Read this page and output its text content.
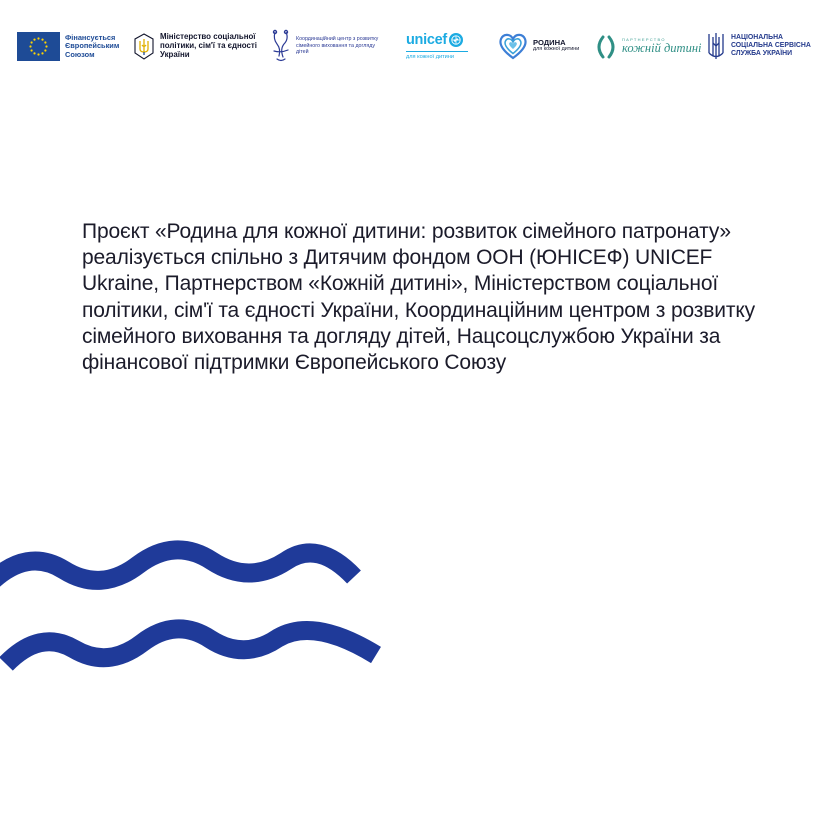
Фінансується Європейським Союзом
Міністерство соціальної політики, сім'ї та єдності України
Координаційний центр з розвитку сімейного виховання та догляду дітей
unicef
для кожної дитини
РОДИНА
для кожної дитини
ПАРТНЕРСТВО
кожній дитині
НАЦІОНАЛЬНА СОЦІАЛЬНА СЕРВІСНА СЛУЖБА УКРАЇНИ

Проєкт «Родина для кожної дитини: розвиток сімейного патронату» реалізується спільно з Дитячим фондом ООН (ЮНІСЕФ) UNICEF Ukraine, Партнерством «Кожній дитині», Міністерством соціальної політики, сім'ї та єдності України, Координаційним центром з розвитку сімейного виховання та догляду дітей, Нацсоцслужбою України за фінансової підтримки Європейського Союзу
